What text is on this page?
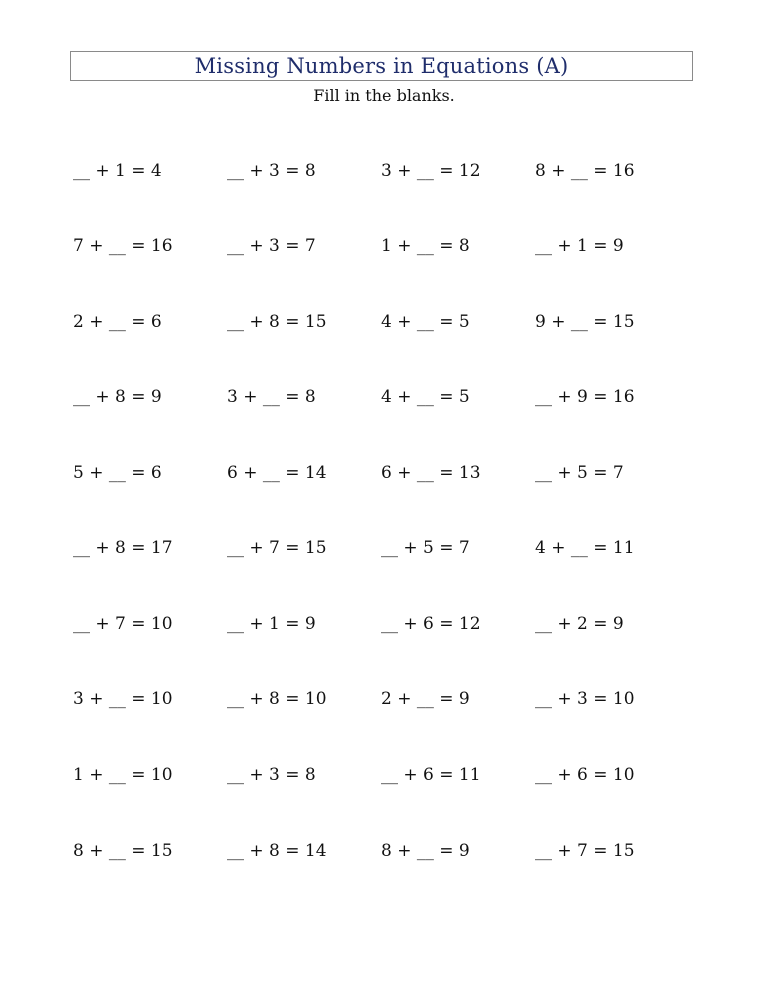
Missing Numbers in Equations (A)
Fill in the blanks.
__ + 1 = 4	__ + 3 = 8	3 + __ = 12	8 + __ = 16
7 + __ = 16	__ + 3 = 7	1 + __ = 8	__ + 1 = 9
2 + __ = 6	__ + 8 = 15	4 + __ = 5	9 + __ = 15
__ + 8 = 9	3 + __ = 8	4 + __ = 5	__ + 9 = 16
5 + __ = 6	6 + __ = 14	6 + __ = 13	__ + 5 = 7
__ + 8 = 17	__ + 7 = 15	__ + 5 = 7	4 + __ = 11
__ + 7 = 10	__ + 1 = 9	__ + 6 = 12	__ + 2 = 9
3 + __ = 10	__ + 8 = 10	2 + __ = 9	__ + 3 = 10
1 + __ = 10	__ + 3 = 8	__ + 6 = 11	__ + 6 = 10
8 + __ = 15	__ + 8 = 14	8 + __ = 9	__ + 7 = 15
